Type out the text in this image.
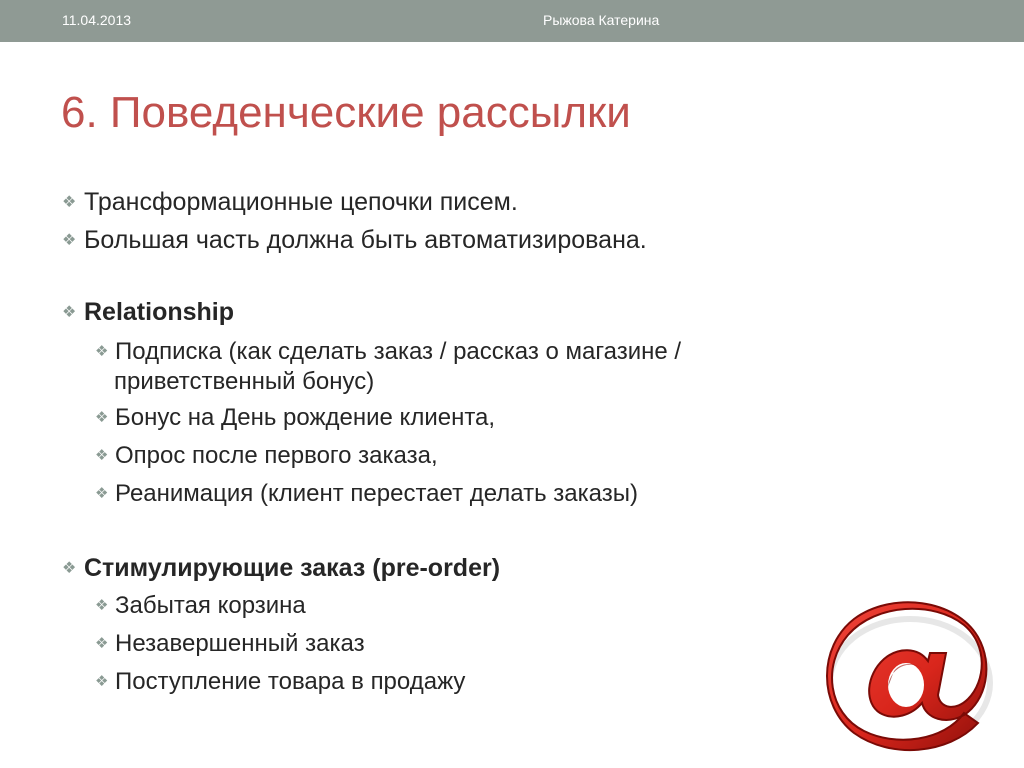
11.04.2013	Рыжова Катерина
6. Поведенческие рассылки
❖ Трансформационные цепочки писем.
❖ Большая часть должна быть автоматизирована.
❖ Relationship
❖ Подписка (как сделать заказ / рассказ о магазине /
приветственный бонус)
❖ Бонус на День рождение клиента,
❖ Опрос после первого заказа,
❖ Реанимация (клиент перестает делать заказы)
❖ Стимулирующие заказ (pre-order)
❖ Забытая корзина
❖ Незавершенный заказ
❖ Поступление товара в продажу
